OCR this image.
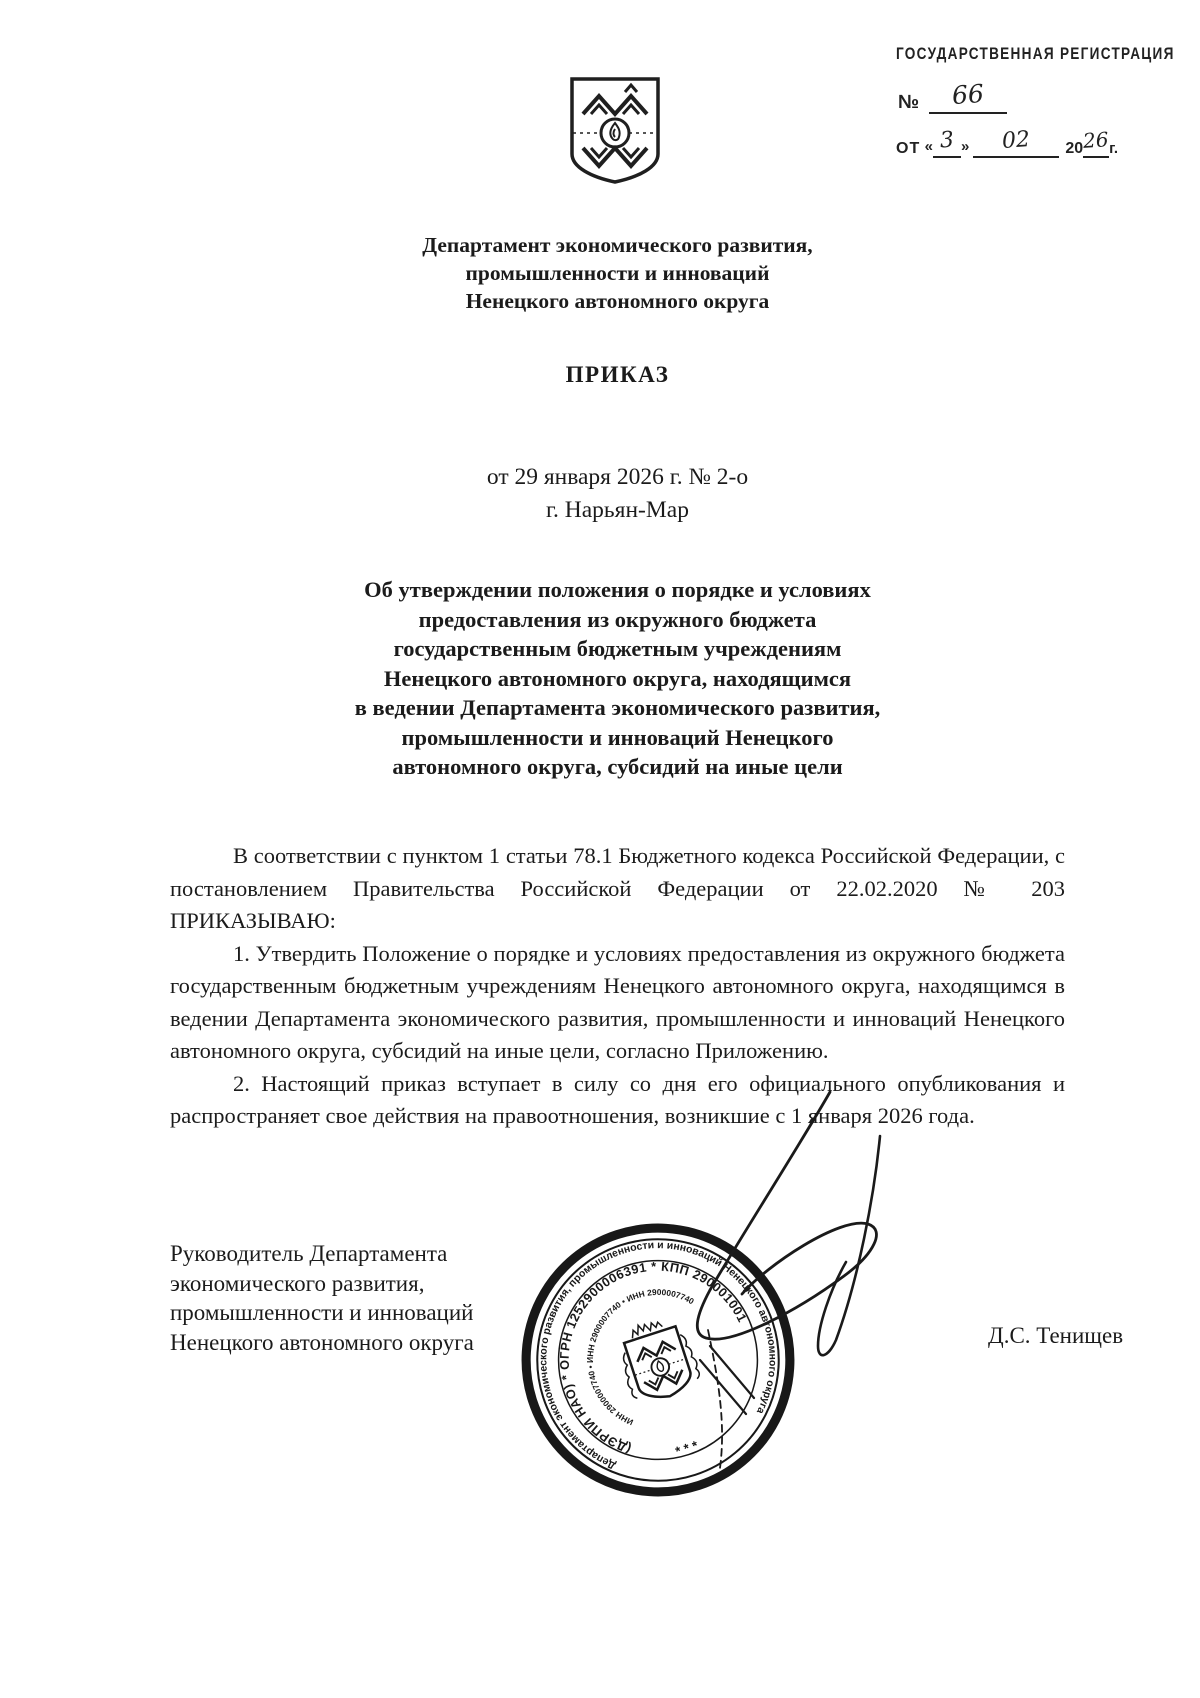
ГОСУДАРСТВЕННАЯ РЕГИСТРАЦИЯ
№ 66
ОТ « 3 » 02 2026г.
Департамент экономического развития,
промышленности и инноваций
Ненецкого автономного округа
ПРИКАЗ
от 29 января 2026 г. № 2-о
г. Нарьян-Мар
Об утверждении положения о порядке и условиях
предоставления из окружного бюджета
государственным бюджетным учреждениям
Ненецкого автономного округа, находящимся
в ведении Департамента экономического развития,
промышленности и инноваций Ненецкого
автономного округа, субсидий на иные цели

В соответствии с пунктом 1 статьи 78.1 Бюджетного кодекса Российской Федерации, с постановлением Правительства Российской Федерации от 22.02.2020 № 203 ПРИКАЗЫВАЮ:

1. Утвердить Положение о порядке и условиях предоставления из окружного бюджета государственным бюджетным учреждениям Ненецкого автономного округа, находящимся в ведении Департамента экономического развития, промышленности и инноваций Ненецкого автономного округа, субсидий на иные цели, согласно Приложению.

2. Настоящий приказ вступает в силу со дня его официального опубликования и распространяет свое действия на правоотношения, возникшие с 1 января 2026 года.

Руководитель Департамента
экономического развития,
промышленности и инноваций
Ненецкого автономного округа	Д.С. Тенищев
Департамент экономического развития, промышленности и инноваций Ненецкого автономного округа
(ДЭРПИ НАО) * ОГРН 1252900006391 * КПП 290001001
ИНН 2900007740 • ИНН 2900007740 • ИНН 2900007740
* * *
